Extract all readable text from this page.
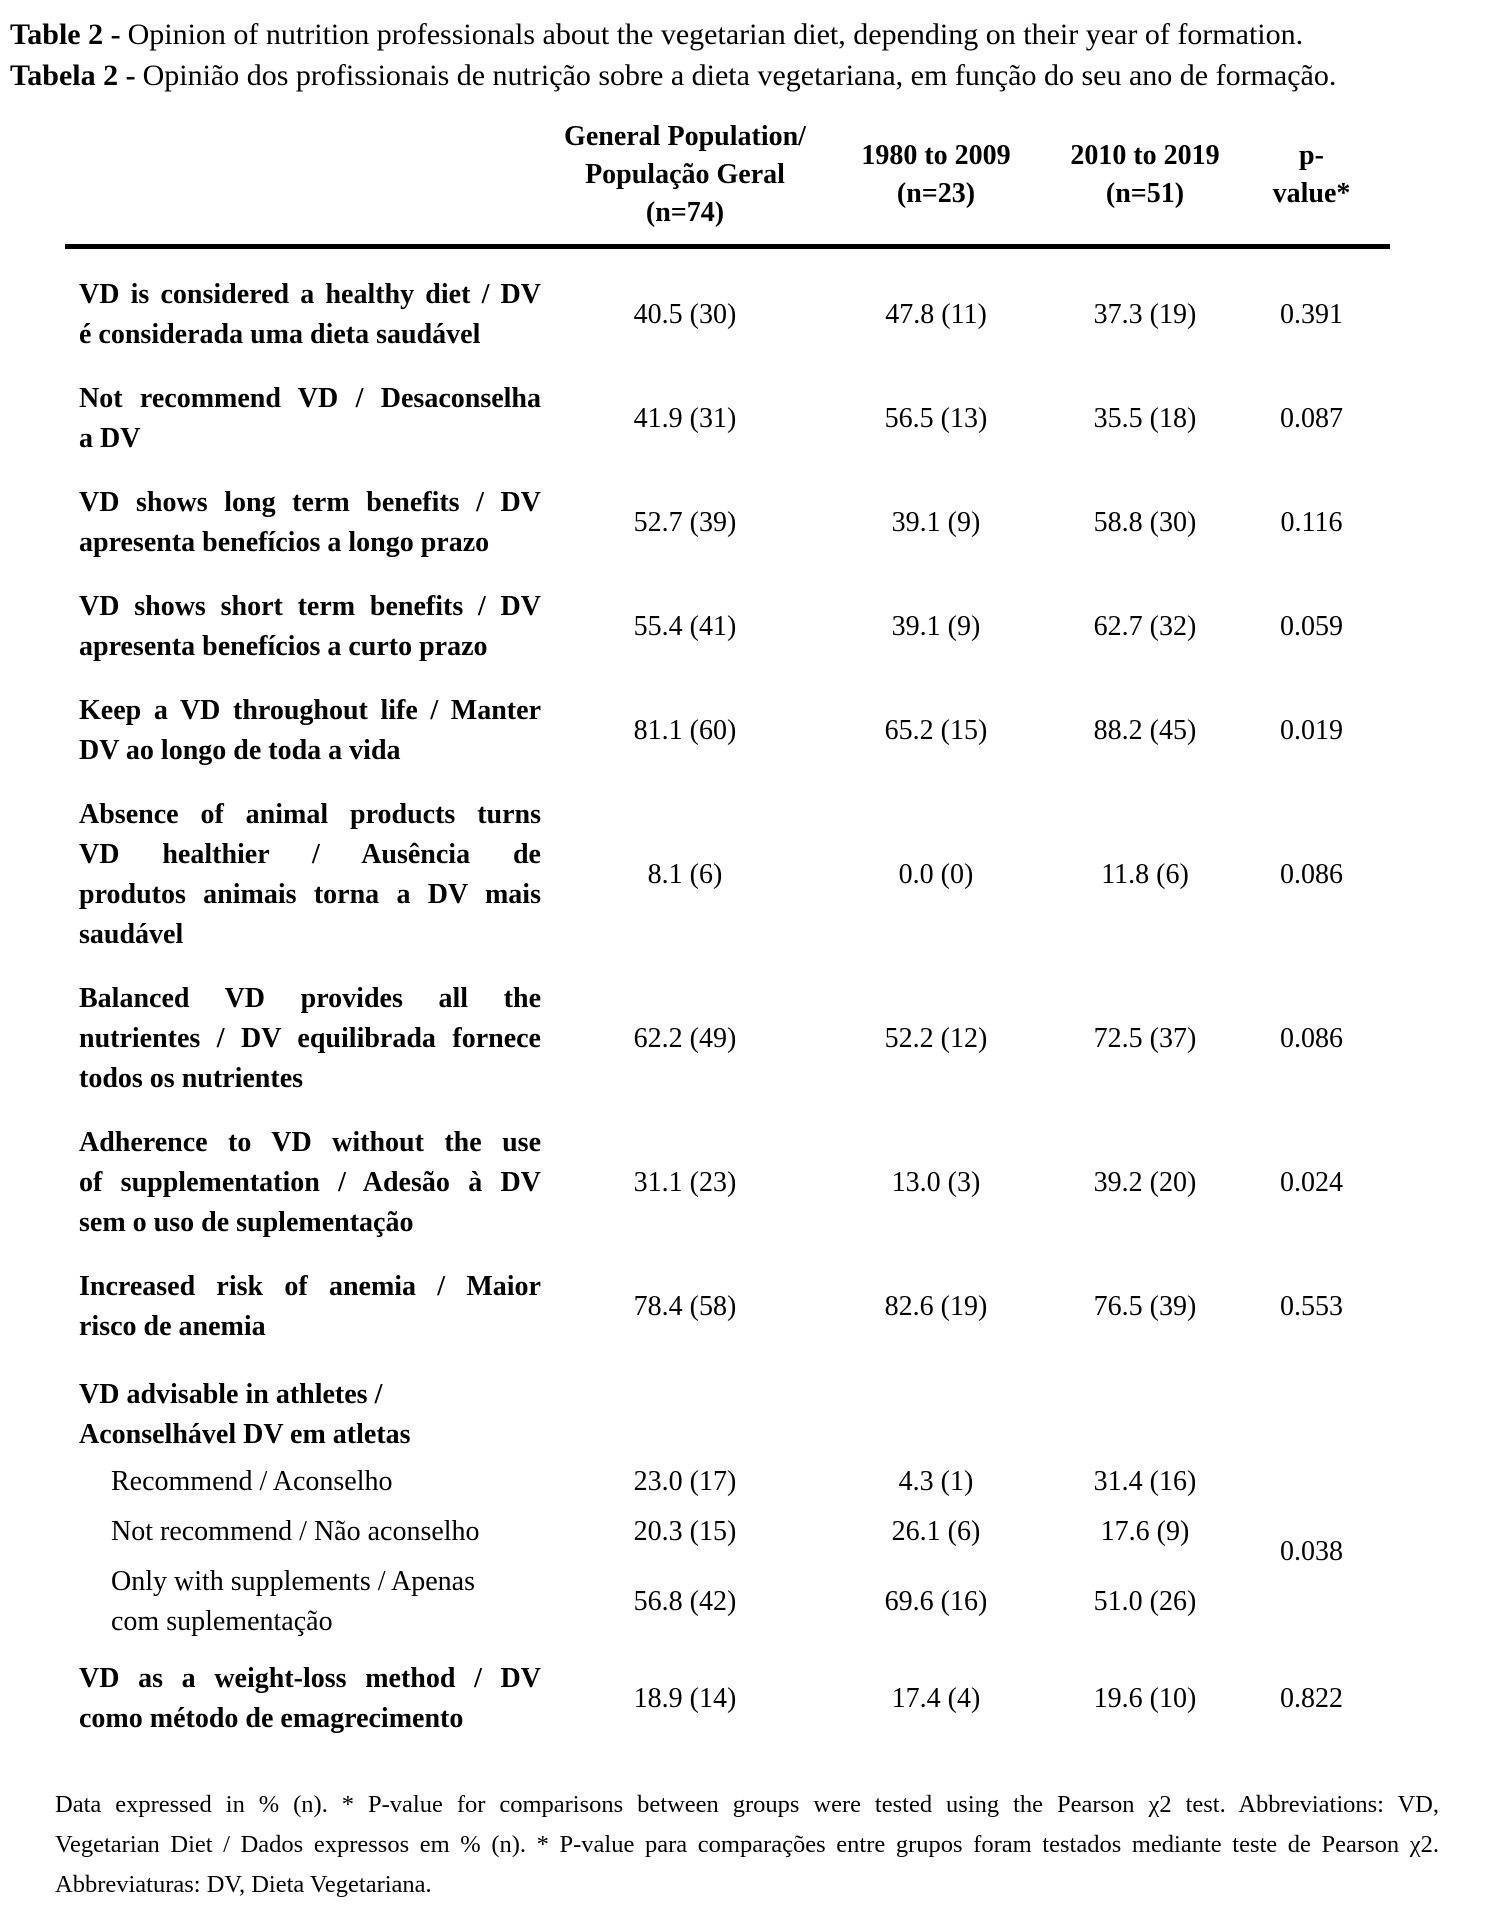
Table 2 - Opinion of nutrition professionals about the vegetarian diet, depending on their year of formation.

Tabela 2 - Opinião dos profissionais de nutrição sobre a dieta vegetariana, em função do seu ano de formação.

	General Population/
População Geral
(n=74)	1980 to 2009
(n=23)	2010 to 2019
(n=51)	p-
value*

VD is considered a healthy diet / DV
é considerada uma dieta saudável	40.5 (30)	47.8 (11)	37.3 (19)	0.391

Not recommend VD / Desaconselha
a DV	41.9 (31)	56.5 (13)	35.5 (18)	0.087

VD shows long term benefits / DV
apresenta benefícios a longo prazo	52.7 (39)	39.1 (9)	58.8 (30)	0.116

VD shows short term benefits / DV
apresenta benefícios a curto prazo	55.4 (41)	39.1 (9)	62.7 (32)	0.059

Keep a VD throughout life / Manter
DV ao longo de toda a vida	81.1 (60)	65.2 (15)	88.2 (45)	0.019

Absence of animal products turns
VD healthier / Ausência de
produtos animais torna a DV mais
saudável	8.1 (6)	0.0 (0)	11.8 (6)	0.086

Balanced VD provides all the
nutrientes / DV equilibrada fornece
todos os nutrientes	62.2 (49)	52.2 (12)	72.5 (37)	0.086

Adherence to VD without the use
of supplementation / Adesão à DV
sem o uso de suplementação	31.1 (23)	13.0 (3)	39.2 (20)	0.024

Increased risk of anemia / Maior
risco de anemia	78.4 (58)	82.6 (19)	76.5 (39)	0.553

VD advisable in athletes /
Aconselhável DV em atletas				

Recommend / Aconselho	23.0 (17)	4.3 (1)	31.4 (16)	0.038

Not recommend / Não aconselho	20.3 (15)	26.1 (6)	17.6 (9)	

Only with supplements / Apenas
com suplementação	56.8 (42)	69.6 (16)	51.0 (26)	

VD as a weight-loss method / DV
como método de emagrecimento	18.9 (14)	17.4 (4)	19.6 (10)	0.822

Data expressed in % (n). * P-value for comparisons between groups were tested using the Pearson χ2 test. Abbreviations: VD,
Vegetarian Diet / Dados expressos em % (n). * P-value para comparações entre grupos foram testados mediante teste de Pearson χ2.
Abbreviaturas: DV, Dieta Vegetariana.
